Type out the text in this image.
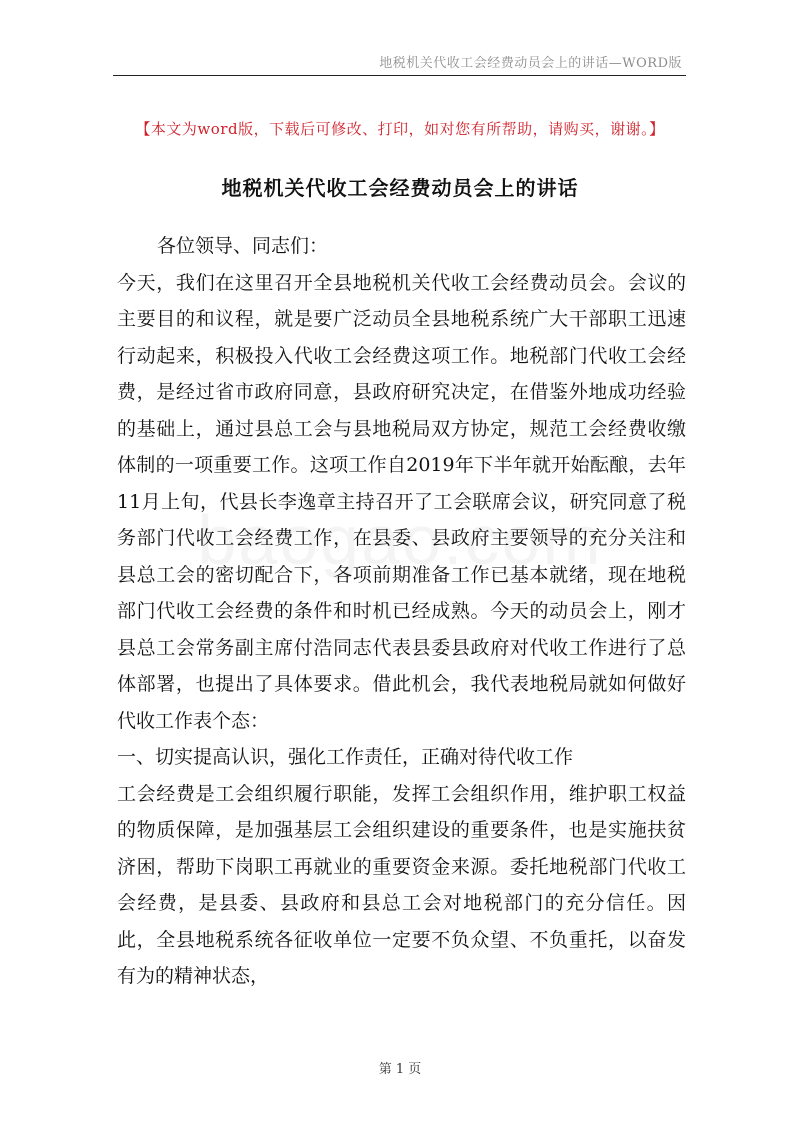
地税机关代收工会经费动员会上的讲话—WORD版
【本文为word版，下载后可修改、打印，如对您有所帮助，请购买，谢谢。】
地税机关代收工会经费动员会上的讲话

各位领导、同志们：

今天，我们在这里召开全县地税机关代收工会经费动员会。会议的主要目的和议程，就是要广泛动员全县地税系统广大干部职工迅速行动起来，积极投入代收工会经费这项工作。地税部门代收工会经费，是经过省市政府同意，县政府研究决定，在借鉴外地成功经验的基础上，通过县总工会与县地税局双方协定，规范工会经费收缴体制的一项重要工作。这项工作自2019年下半年就开始酝酿，去年11月上旬，代县长李逸章主持召开了工会联席会议，研究同意了税务部门代收工会经费工作，在县委、县政府主要领导的充分关注和县总工会的密切配合下，各项前期准备工作已基本就绪，现在地税部门代收工会经费的条件和时机已经成熟。今天的动员会上，刚才县总工会常务副主席付浩同志代表县委县政府对代收工作进行了总体部署，也提出了具体要求。借此机会，我代表地税局就如何做好代收工作表个态：

一、切实提高认识，强化工作责任，正确对待代收工作

工会经费是工会组织履行职能，发挥工会组织作用，维护职工权益的物质保障，是加强基层工会组织建设的重要条件，也是实施扶贫济困，帮助下岗职工再就业的重要资金来源。委托地税部门代收工会经费，是县委、县政府和县总工会对地税部门的充分信任。因此，全县地税系统各征收单位一定要不负众望、不负重托，以奋发有为的精神状态，

第 1 页
